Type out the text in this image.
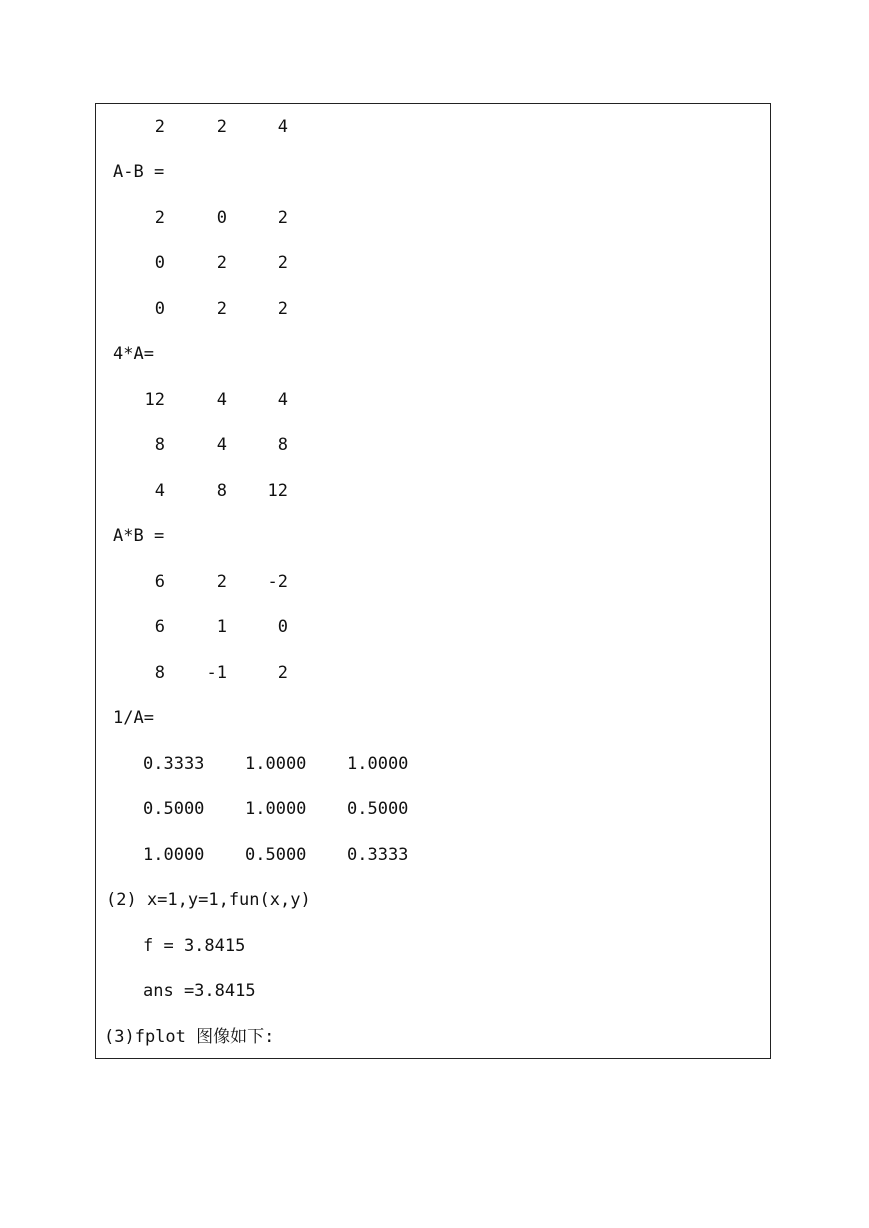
2	2	4
A-B =
2	0	2
0	2	2
0	2	2
4*A=
12	4	4
8	4	8
4	8	12
A*B =
6	2	-2
6	1	0
8	-1	2
1/A=
0.3333 1.0000 1.0000
0.5000 1.0000 0.5000
1.0000 0.5000 0.3333
(2) x=1,y=1,fun(x,y)
f = 3.8415
ans =3.8415
(3)fplot 图像如下:
